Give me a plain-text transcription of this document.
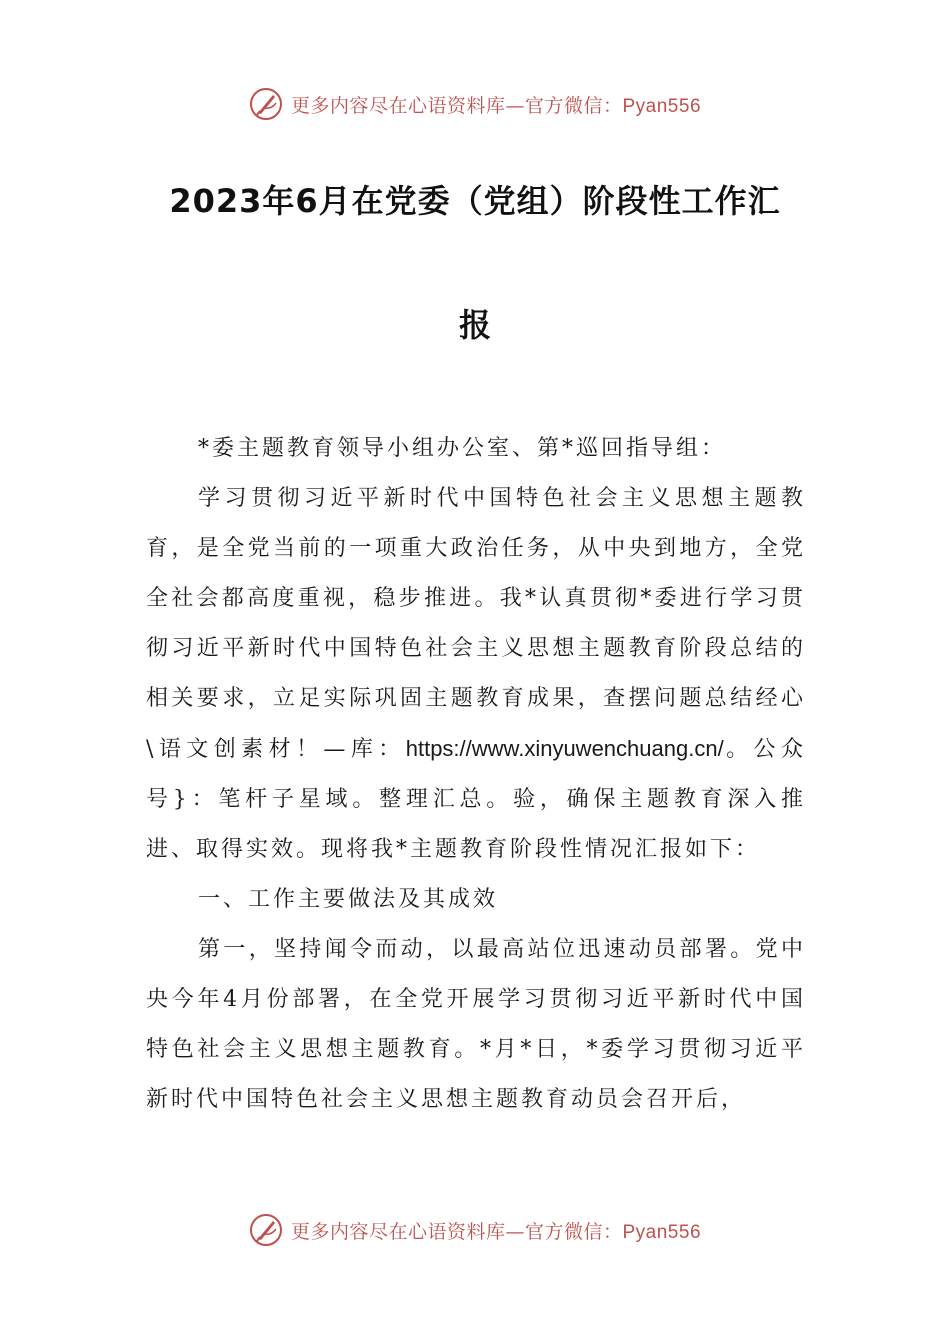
更多内容尽在心语资料库—官方微信：Pyan556
2023年6月在党委（党组）阶段性工作汇
报

*委主题教育领导小组办公室、第*巡回指导组：

学习贯彻习近平新时代中国特色社会主义思想主题教育，是全党当前的一项重大政治任务，从中央到地方，全党全社会都高度重视，稳步推进。我*认真贯彻*委进行学习贯彻习近平新时代中国特色社会主义思想主题教育阶段总结的相关要求，立足实际巩固主题教育成果，查摆问题总结经心\语文创素材！—库：https://www.xinyuwenchuang.cn/。公众号}：笔杆子星域。整理汇总。验，确保主题教育深入推进、取得实效。现将我*主题教育阶段性情况汇报如下：

一、工作主要做法及其成效

第一，坚持闻令而动，以最高站位迅速动员部署。党中央今年4月份部署，在全党开展学习贯彻习近平新时代中国特色社会主义思想主题教育。*月*日，*委学习贯彻习近平新时代中国特色社会主义思想主题教育动员会召开后，

更多内容尽在心语资料库—官方微信：Pyan556
